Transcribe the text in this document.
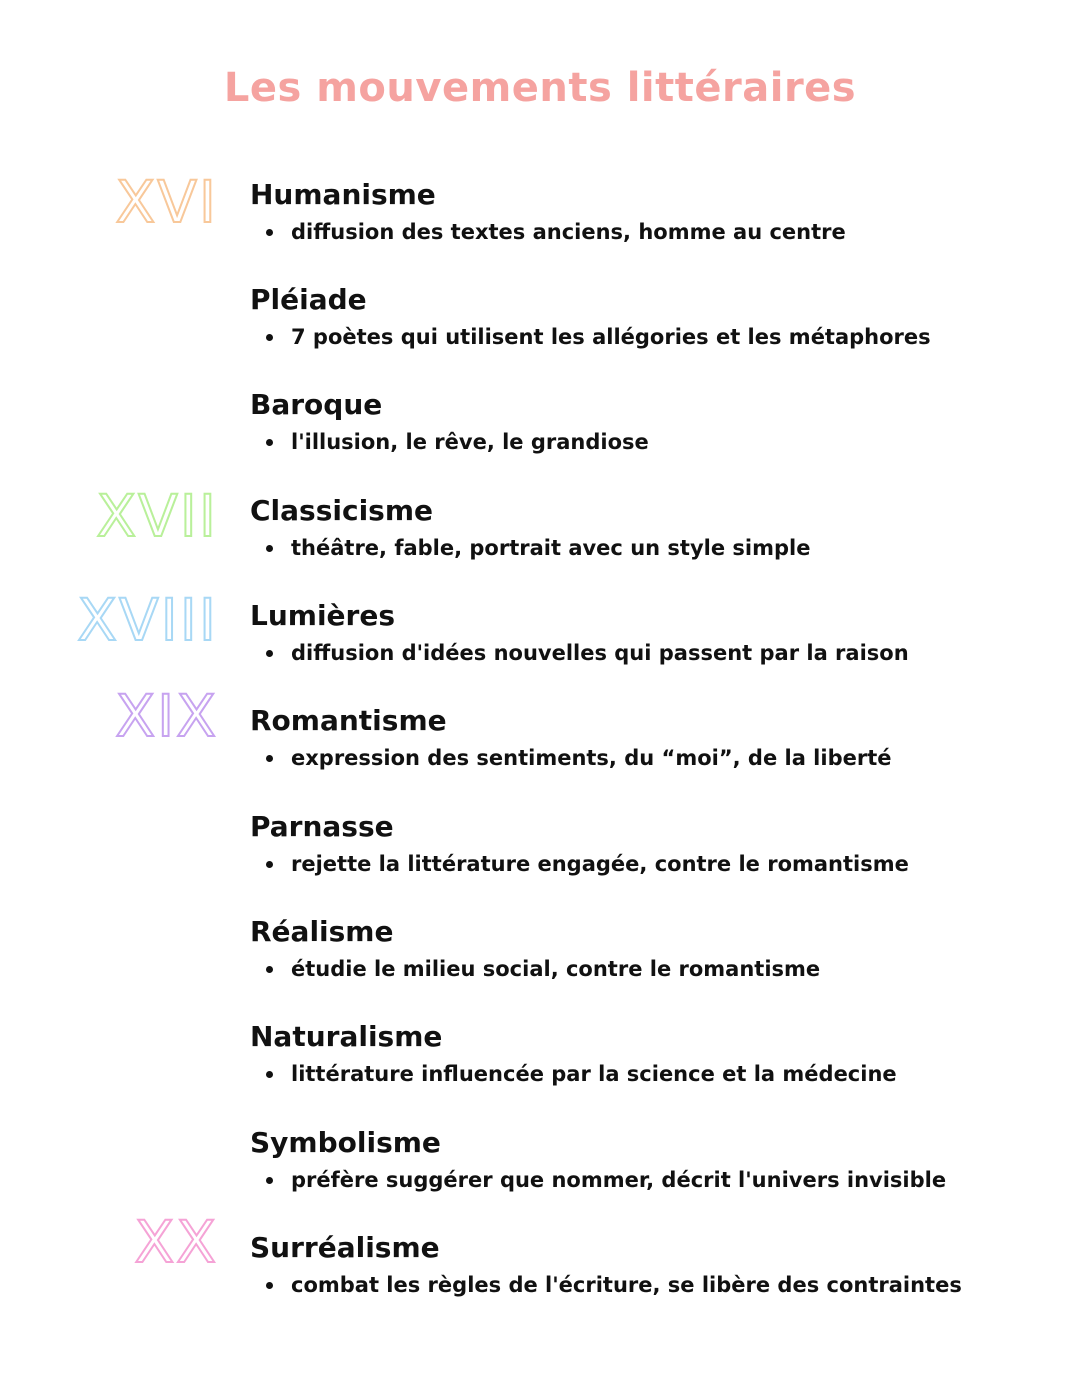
Les mouvements littéraires
XVI
XVII
XVIII
XIX
XX
Humanisme
diffusion des textes anciens, homme au centre
Pléiade
7 poètes qui utilisent les allégories et les métaphores
Baroque
l'illusion, le rêve, le grandiose
Classicisme
théâtre, fable, portrait avec un style simple
Lumières
diffusion d'idées nouvelles qui passent par la raison
Romantisme
expression des sentiments, du “moi”, de la liberté
Parnasse
rejette la littérature engagée, contre le romantisme
Réalisme
étudie le milieu social, contre le romantisme
Naturalisme
littérature influencée par la science et la médecine
Symbolisme
préfère suggérer que nommer, décrit l'univers invisible
Surréalisme
combat les règles de l'écriture, se libère des contraintes
